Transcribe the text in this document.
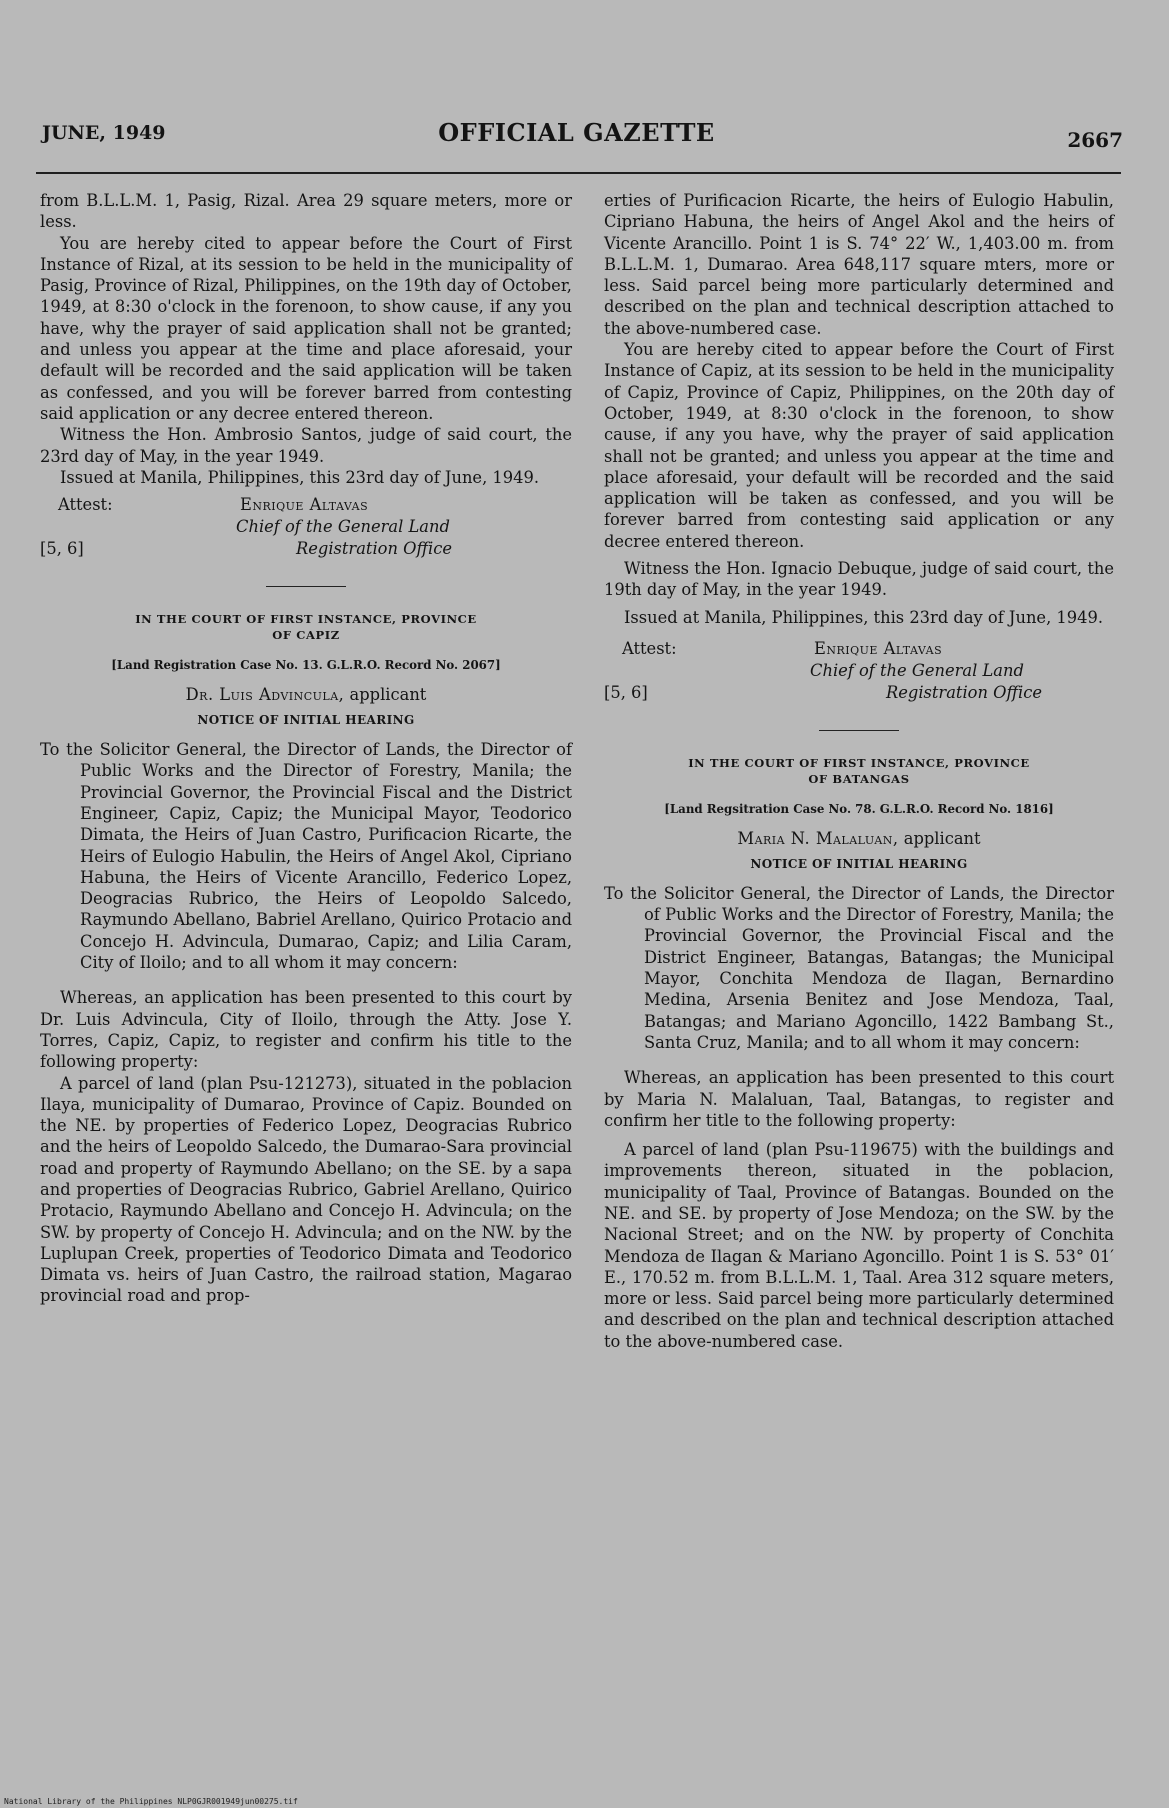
JUNE, 1949	OFFICIAL GAZETTE	2667

from B.L.L.M. 1, Pasig, Rizal. Area 29 square meters, more or less.

You are hereby cited to appear before the Court of First Instance of Rizal, at its session to be held in the municipality of Pasig, Province of Rizal, Philippines, on the 19th day of October, 1949, at 8:30 o'clock in the forenoon, to show cause, if any you have, why the prayer of said application shall not be granted; and unless you appear at the time and place aforesaid, your default will be recorded and the said application will be taken as confessed, and you will be forever barred from contesting said application or any decree entered thereon.

Witness the Hon. Ambrosio Santos, judge of said court, the 23rd day of May, in the year 1949.

Issued at Manila, Philippines, this 23rd day of June, 1949.

Attest:	Enrique Altavas
Chief of the General Land
Registration Office
[5, 6]
IN THE COURT OF FIRST INSTANCE, PROVINCE
OF CAPIZ
[Land Registration Case No. 13. G.L.R.O. Record No. 2067]
Dr. Luis Advincula, applicant
NOTICE OF INITIAL HEARING

To the Solicitor General, the Director of Lands, the Director of Public Works and the Director of Forestry, Manila; the Provincial Governor, the Provincial Fiscal and the District Engineer, Capiz, Capiz; the Municipal Mayor, Teodorico Dimata, the Heirs of Juan Castro, Purificacion Ricarte, the Heirs of Eulogio Habulin, the Heirs of Angel Akol, Cipriano Habuna, the Heirs of Vicente Arancillo, Federico Lopez, Deogracias Rubrico, the Heirs of Leopoldo Salcedo, Raymundo Abellano, Babriel Arellano, Quirico Protacio and Concejo H. Advincula, Dumarao, Capiz; and Lilia Caram, City of Iloilo; and to all whom it may concern:

Whereas, an application has been presented to this court by Dr. Luis Advincula, City of Iloilo, through the Atty. Jose Y. Torres, Capiz, Capiz, to register and confirm his title to the following property:

A parcel of land (plan Psu-121273), situated in the poblacion Ilaya, municipality of Dumarao, Province of Capiz. Bounded on the NE. by properties of Federico Lopez, Deogracias Rubrico and the heirs of Leopoldo Salcedo, the Dumarao-Sara provincial road and property of Raymundo Abellano; on the SE. by a sapa and properties of Deogracias Rubrico, Gabriel Arellano, Quirico Protacio, Raymundo Abellano and Concejo H. Advincula; on the SW. by property of Concejo H. Advincula; and on the NW. by the Luplupan Creek, properties of Teodorico Dimata and Teodorico Dimata vs. heirs of Juan Castro, the railroad station, Magarao provincial road and prop-

erties of Purificacion Ricarte, the heirs of Eulogio Habulin, Cipriano Habuna, the heirs of Angel Akol and the heirs of Vicente Arancillo. Point 1 is S. 74° 22′ W., 1,403.00 m. from B.L.L.M. 1, Dumarao. Area 648,117 square mters, more or less. Said parcel being more particularly determined and described on the plan and technical description attached to the above-numbered case.

You are hereby cited to appear before the Court of First Instance of Capiz, at its session to be held in the municipality of Capiz, Province of Capiz, Philippines, on the 20th day of October, 1949, at 8:30 o'clock in the forenoon, to show cause, if any you have, why the prayer of said application shall not be granted; and unless you appear at the time and place aforesaid, your default will be recorded and the said application will be taken as confessed, and you will be forever barred from contesting said application or any decree entered thereon.

Witness the Hon. Ignacio Debuque, judge of said court, the 19th day of May, in the year 1949.

Issued at Manila, Philippines, this 23rd day of June, 1949.

Attest:	Enrique Altavas
Chief of the General Land
Registration Office
[5, 6]
IN THE COURT OF FIRST INSTANCE, PROVINCE
OF BATANGAS
[Land Regsitration Case No. 78. G.L.R.O. Record No. 1816]
Maria N. Malaluan, applicant
NOTICE OF INITIAL HEARING

To the Solicitor General, the Director of Lands, the Director of Public Works and the Director of Forestry, Manila; the Provincial Governor, the Provincial Fiscal and the District Engineer, Batangas, Batangas; the Municipal Mayor, Conchita Mendoza de Ilagan, Bernardino Medina, Arsenia Benitez and Jose Mendoza, Taal, Batangas; and Mariano Agoncillo, 1422 Bambang St., Santa Cruz, Manila; and to all whom it may concern:

Whereas, an application has been presented to this court by Maria N. Malaluan, Taal, Batangas, to register and confirm her title to the following property:

A parcel of land (plan Psu-119675) with the buildings and improvements thereon, situated in the poblacion, municipality of Taal, Province of Batangas. Bounded on the NE. and SE. by property of Jose Mendoza; on the SW. by the Nacional Street; and on the NW. by property of Conchita Mendoza de Ilagan & Mariano Agoncillo. Point 1 is S. 53° 01′ E., 170.52 m. from B.L.L.M. 1, Taal. Area 312 square meters, more or less. Said parcel being more particularly determined and described on the plan and technical description attached to the above-numbered case.

National Library of the Philippines NLP0GJR001949jun00275.tif
